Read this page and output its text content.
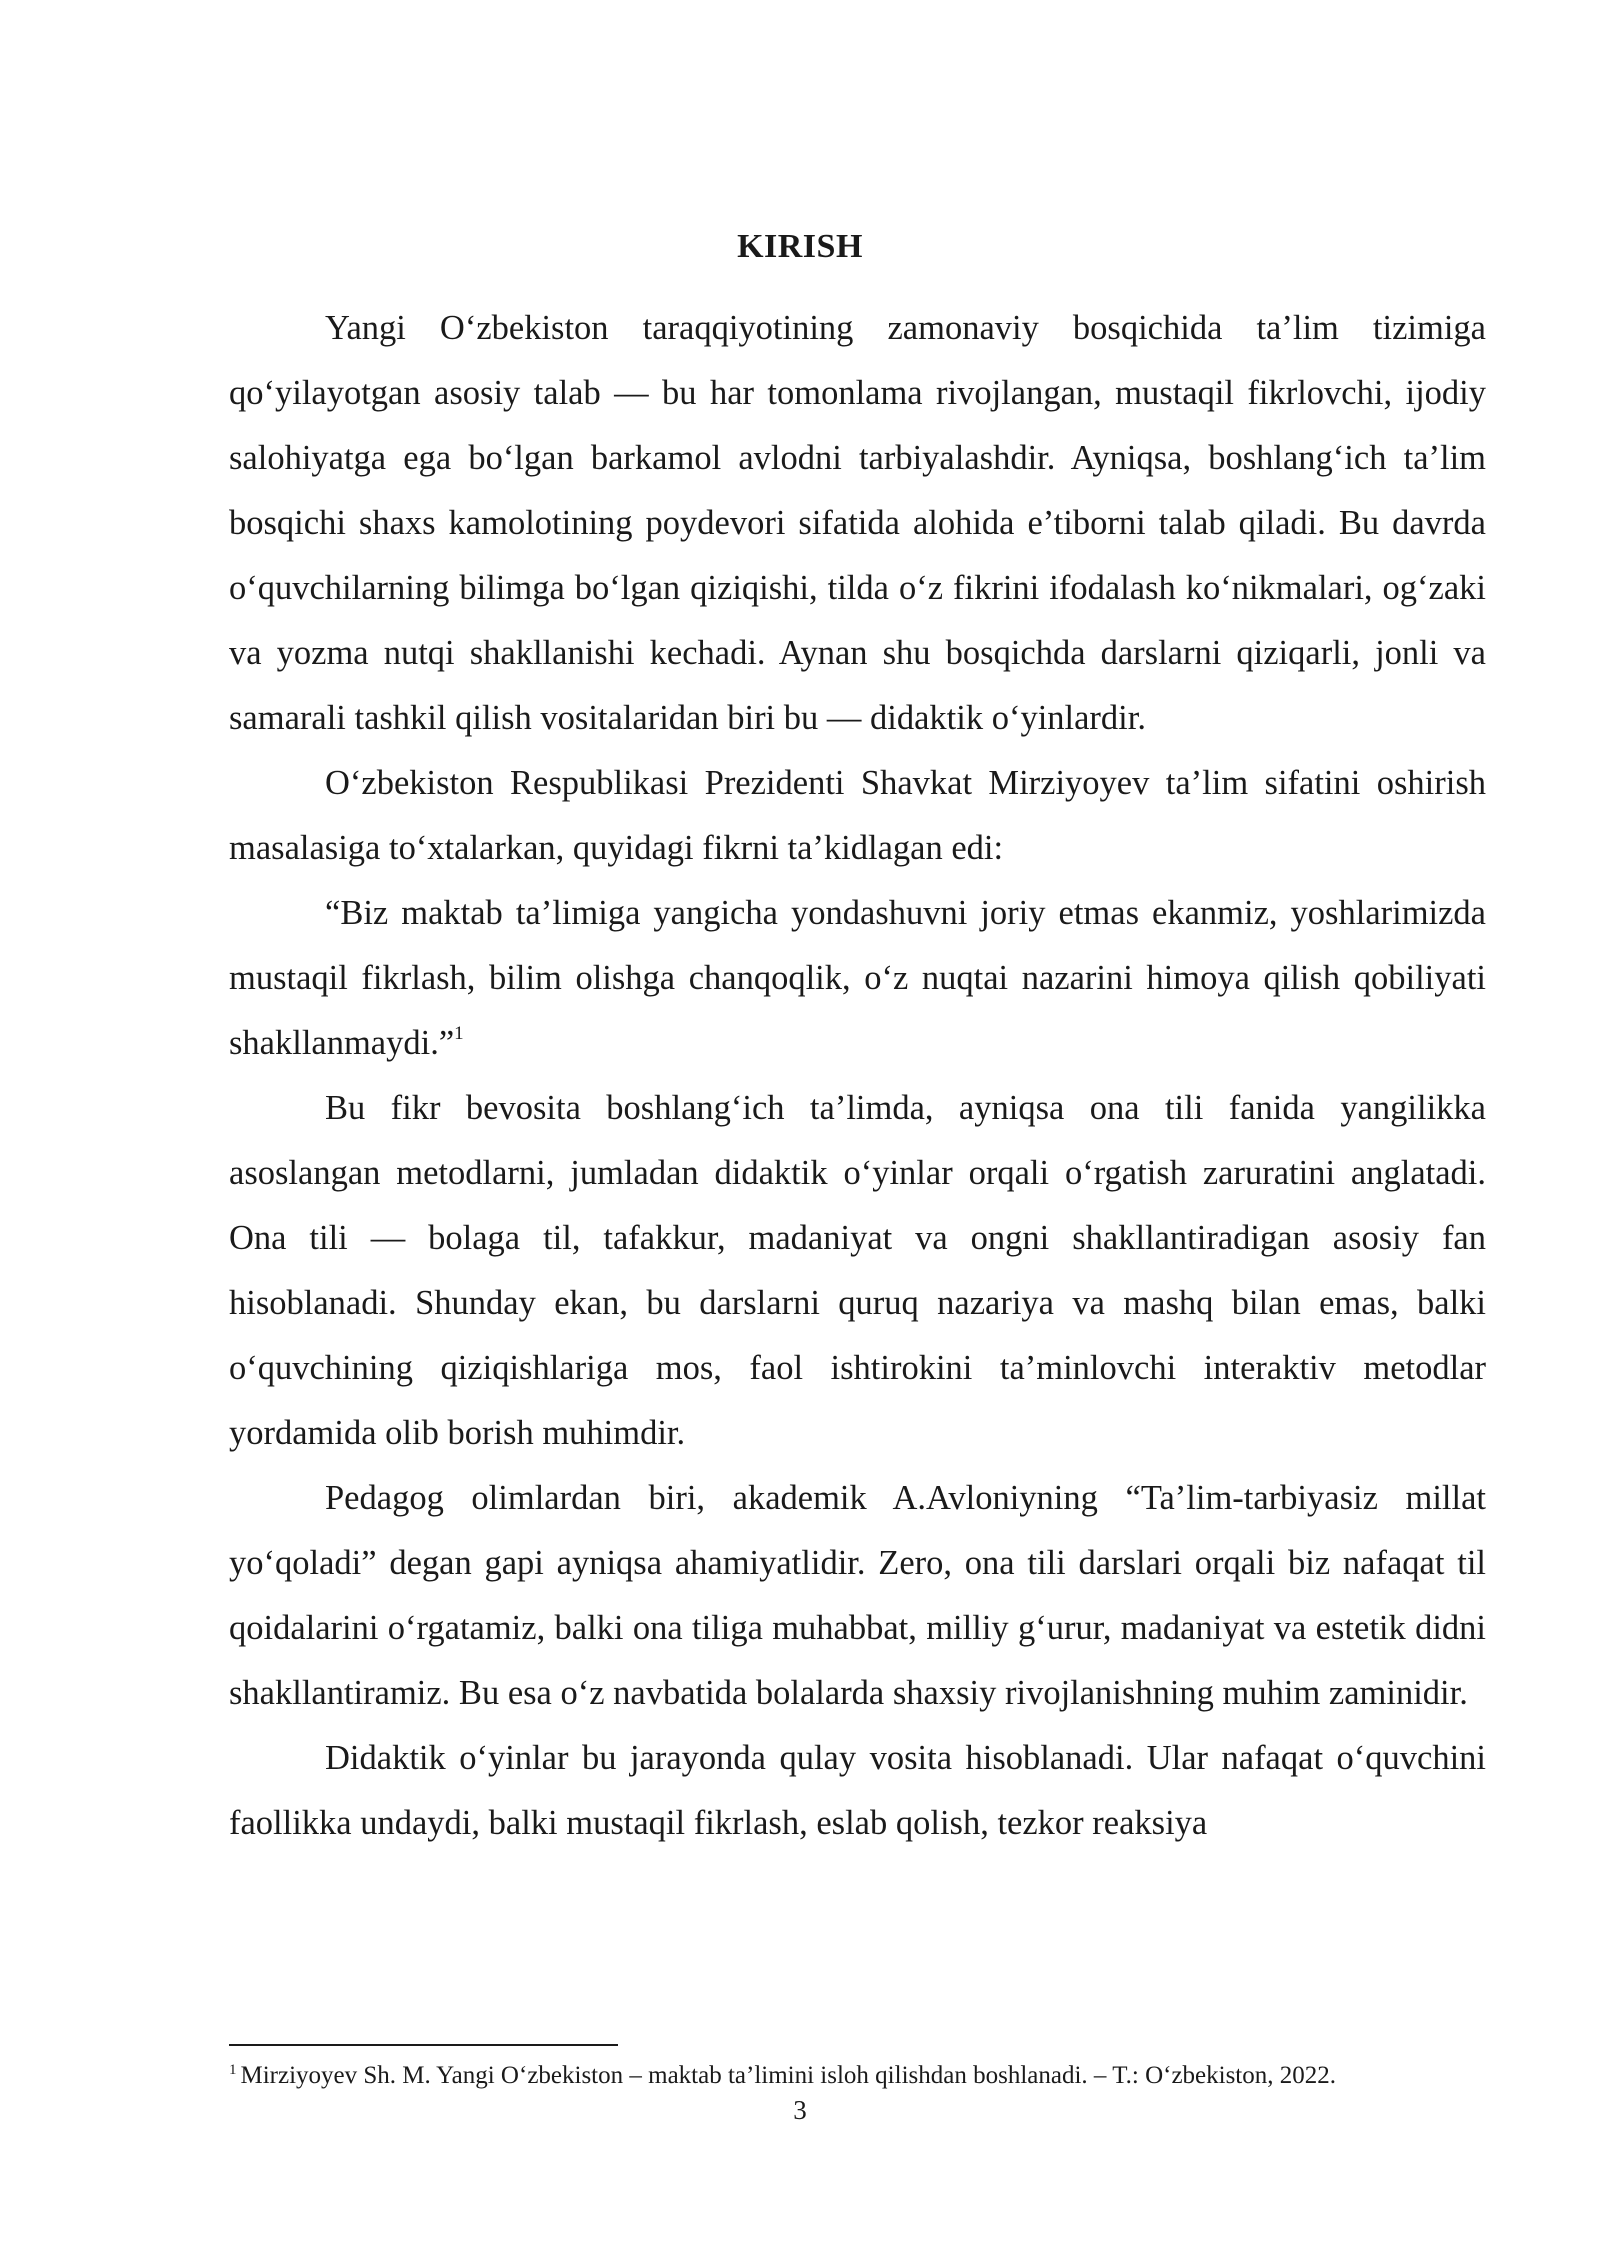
KIRISH

Yangi O‘zbekiston taraqqiyotining zamonaviy bosqichida ta’lim tizimiga qo‘yilayotgan asosiy talab — bu har tomonlama rivojlangan, mustaqil fikrlovchi, ijodiy salohiyatga ega bo‘lgan barkamol avlodni tarbiyalashdir. Ayniqsa, boshlang‘ich ta’lim bosqichi shaxs kamolotining poydevori sifatida alohida e’tiborni talab qiladi. Bu davrda o‘quvchilarning bilimga bo‘lgan qiziqishi, tilda o‘z fikrini ifodalash ko‘nikmalari, og‘zaki va yozma nutqi shakllanishi kechadi. Aynan shu bosqichda darslarni qiziqarli, jonli va samarali tashkil qilish vositalaridan biri bu — didaktik o‘yinlardir.

O‘zbekiston Respublikasi Prezidenti Shavkat Mirziyoyev ta’lim sifatini oshirish masalasiga to‘xtalarkan, quyidagi fikrni ta’kidlagan edi:

“Biz maktab ta’limiga yangicha yondashuvni joriy etmas ekanmiz, yoshlarimizda mustaqil fikrlash, bilim olishga chanqoqlik, o‘z nuqtai nazarini himoya qilish qobiliyati shakllanmaydi.”$^1$

Bu fikr bevosita boshlang‘ich ta’limda, ayniqsa ona tili fanida yangilikka asoslangan metodlarni, jumladan didaktik o‘yinlar orqali o‘rgatish zaruratini anglatadi. Ona tili — bolaga til, tafakkur, madaniyat va ongni shakllantiradigan asosiy fan hisoblanadi. Shunday ekan, bu darslarni quruq nazariya va mashq bilan emas, balki o‘quvchining qiziqishlariga mos, faol ishtirokini ta’minlovchi interaktiv metodlar yordamida olib borish muhimdir.

Pedagog olimlardan biri, akademik A.Avloniyning “Ta’lim-tarbiyasiz millat yo‘qoladi” degan gapi ayniqsa ahamiyatlidir. Zero, ona tili darslari orqali biz nafaqat til qoidalarini o‘rgatamiz, balki ona tiliga muhabbat, milliy g‘urur, madaniyat va estetik didni shakllantiramiz. Bu esa o‘z navbatida bolalarda shaxsiy rivojlanishning muhim zaminidir.

Didaktik o‘yinlar bu jarayonda qulay vosita hisoblanadi. Ular nafaqat o‘quvchini faollikka undaydi, balki mustaqil fikrlash, eslab qolish, tezkor reaksiya

$^1$ Mirziyoyev Sh. M. Yangi O‘zbekiston – maktab ta’limini isloh qilishdan boshlanadi. – T.: O‘zbekiston, 2022.

3
